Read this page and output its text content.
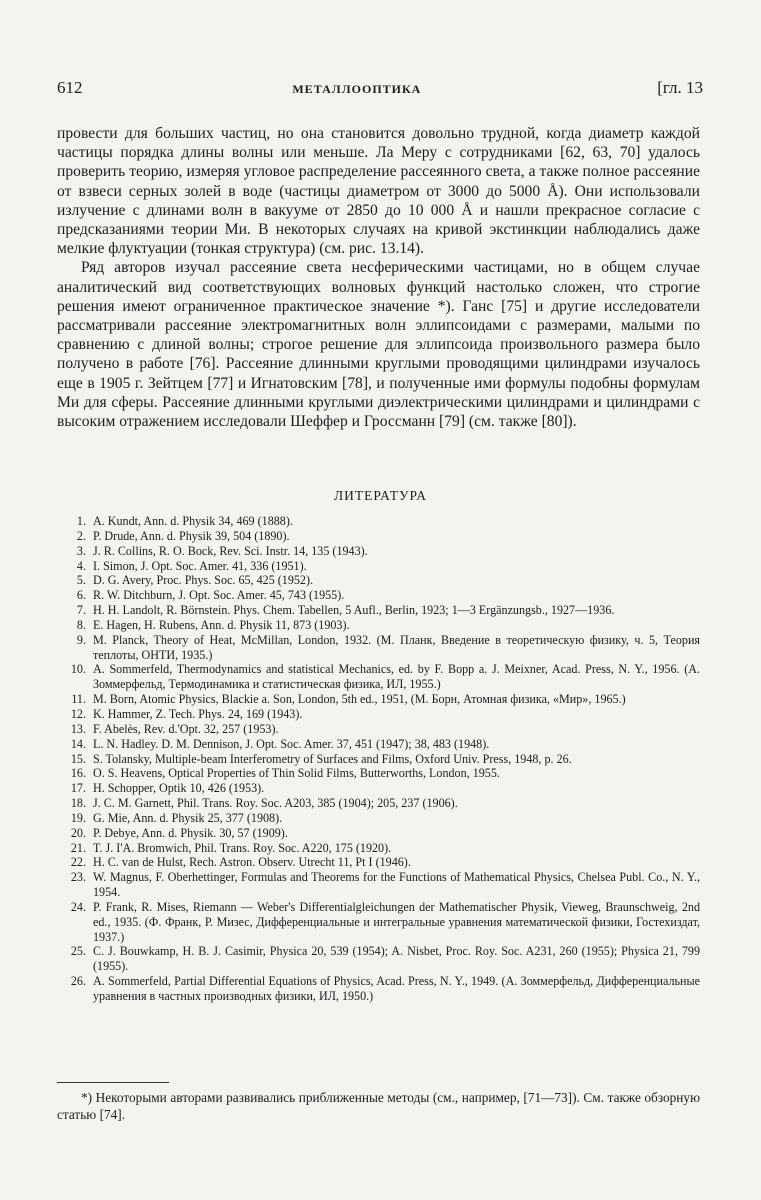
612	МЕТАЛЛООПТИКА	[гл. 13

провести для больших частиц, но она становится довольно трудной, когда диаметр каждой частицы порядка длины волны или меньше. Ла Меру с сотрудниками [62, 63, 70] удалось проверить теорию, измеряя угловое распределение рассеянного света, а также полное рассеяние от взвеси серных золей в воде (частицы диаметром от 3000 до 5000 Å). Они использовали излучение с длинами волн в вакууме от 2850 до 10 000 Å и нашли прекрасное согласие с предсказаниями теории Ми. В некоторых случаях на кривой экстинкции наблюдались даже мелкие флуктуации (тонкая структура) (см. рис. 13.14).

Ряд авторов изучал рассеяние света несферическими частицами, но в общем случае аналитический вид соответствующих волновых функций настолько сложен, что строгие решения имеют ограниченное практическое значение *). Ганс [75] и другие исследователи рассматривали рассеяние электромагнитных волн эллипсоидами с размерами, малыми по сравнению с длиной волны; строгое решение для эллипсоида произвольного размера было получено в работе [76]. Рассеяние длинными круглыми проводящими цилиндрами изучалось еще в 1905 г. Зейтцем [77] и Игнатовским [78], и полученные ими формулы подобны формулам Ми для сферы. Рассеяние длинными круглыми диэлектрическими цилиндрами и цилиндрами с высоким отражением исследовали Шеффер и Гроссманн [79] (см. также [80]).

ЛИТЕРАТУРА
1. A. Kundt, Ann. d. Physik 34, 469 (1888).
2. P. Drude, Ann. d. Physik 39, 504 (1890).
3. J. R. Collins, R. O. Bock, Rev. Sci. Instr. 14, 135 (1943).
4. I. Simon, J. Opt. Soc. Amer. 41, 336 (1951).
5. D. G. Avery, Proc. Phys. Soc. 65, 425 (1952).
6. R. W. Ditchburn, J. Opt. Soc. Amer. 45, 743 (1955).
7. H. H. Landolt, R. Börnstein. Phys. Chem. Tabellen, 5 Aufl., Berlin, 1923; 1—3 Ergänzungsb., 1927—1936.
8. E. Hagen, H. Rubens, Ann. d. Physik 11, 873 (1903).
9. M. Planck, Theory of Heat, McMillan, London, 1932. (М. Планк, Введение в теоретическую физику, ч. 5, Теория теплоты, ОНТИ, 1935.)
10. A. Sommerfeld, Thermodynamics and statistical Mechanics, ed. by F. Bopp a. J. Meixner, Acad. Press, N. Y., 1956. (А. Зоммерфельд, Термодинамика и статистическая физика, ИЛ, 1955.)
11. M. Born, Atomic Physics, Blackie a. Son, London, 5th ed., 1951, (М. Борн, Атомная физика, «Мир», 1965.)
12. K. Hammer, Z. Tech. Phys. 24, 169 (1943).
13. F. Abelès, Rev. d.'Opt. 32, 257 (1953).
14. L. N. Hadley. D. M. Dennison, J. Opt. Soc. Amer. 37, 451 (1947); 38, 483 (1948).
15. S. Tolansky, Multiple-beam Interferometry of Surfaces and Films, Oxford Univ. Press, 1948, p. 26.
16. O. S. Heavens, Optical Properties of Thin Solid Films, Butterworths, London, 1955.
17. H. Schopper, Optik 10, 426 (1953).
18. J. C. M. Garnett, Phil. Trans. Roy. Soc. A203, 385 (1904); 205, 237 (1906).
19. G. Mie, Ann. d. Physik 25, 377 (1908).
20. P. Debye, Ann. d. Physik. 30, 57 (1909).
21. T. J. I'A. Bromwich, Phil. Trans. Roy. Soc. A220, 175 (1920).
22. H. C. van de Hulst, Rech. Astron. Observ. Utrecht 11, Pt I (1946).
23. W. Magnus, F. Oberhettinger, Formulas and Theorems for the Functions of Mathematical Physics, Chelsea Publ. Co., N. Y., 1954.
24. P. Frank, R. Mises, Riemann — Weber's Differentialgleichungen der Mathematischer Physik, Vieweg, Braunschweig, 2nd ed., 1935. (Ф. Франк, Р. Мизес, Дифференциальные и интегральные уравнения математической физики, Гостехиздат, 1937.)
25. C. J. Bouwkamp, H. B. J. Casimir, Physica 20, 539 (1954); A. Nisbet, Proc. Roy. Soc. A231, 260 (1955); Physica 21, 799 (1955).
26. A. Sommerfeld, Partial Differential Equations of Physics, Acad. Press, N. Y., 1949. (А. Зоммерфельд, Дифференциальные уравнения в частных производных физики, ИЛ, 1950.)
*) Некоторыми авторами развивались приближенные методы (см., например, [71—73]). См. также обзорную статью [74].
